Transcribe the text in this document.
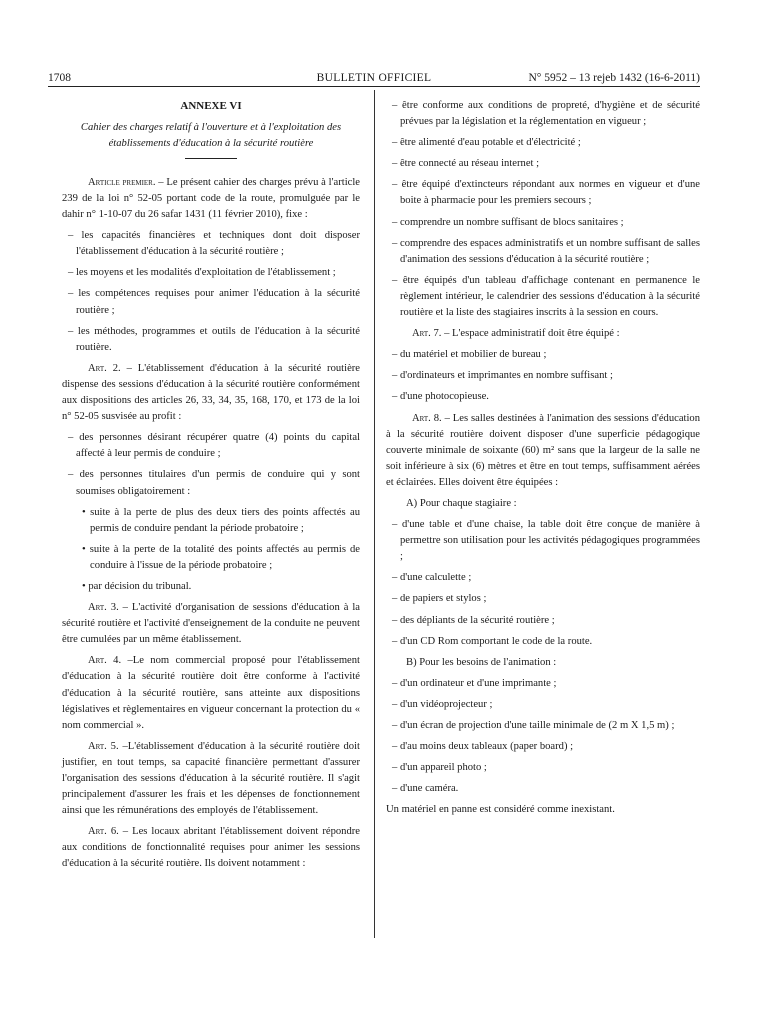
1708	BULLETIN OFFICIEL	N° 5952 – 13 rejeb 1432 (16-6-2011)

ANNEXE VI

Cahier des charges relatif à l'ouverture et à l'exploitation des établissements d'éducation à la sécurité routière

Article premier. – Le présent cahier des charges prévu à l'article 239 de la loi n° 52-05 portant code de la route, promulguée par le dahir n° 1-10-07 du 26 safar 1431 (11 février 2010), fixe :

– les capacités financières et techniques dont doit disposer l'établissement d'éducation à la sécurité routière ;

– les moyens et les modalités d'exploitation de l'établissement ;

– les compétences requises pour animer l'éducation à la sécurité routière ;

– les méthodes, programmes et outils de l'éducation à la sécurité routière.

Art. 2. – L'établissement d'éducation à la sécurité routière dispense des sessions d'éducation à la sécurité routière conformément aux dispositions des articles 26, 33, 34, 35, 168, 170, et 173 de la loi n° 52-05 susvisée au profit :

– des personnes désirant récupérer quatre (4) points du capital affecté à leur permis de conduire ;

– des personnes titulaires d'un permis de conduire qui y sont soumises obligatoirement :

• suite à la perte de plus des deux tiers des points affectés au permis de conduire pendant la période probatoire ;

• suite à la perte de la totalité des points affectés au permis de conduire à l'issue de la période probatoire ;

• par décision du tribunal.

Art. 3. – L'activité d'organisation de sessions d'éducation à la sécurité routière et l'activité d'enseignement de la conduite ne peuvent être cumulées par un même établissement.

Art. 4. –Le nom commercial proposé pour l'établissement d'éducation à la sécurité routière doit être conforme à l'activité d'éducation à la sécurité routière, sans atteinte aux dispositions législatives et règlementaires en vigueur concernant la protection du « nom commercial ».

Art. 5. –L'établissement d'éducation à la sécurité routière doit justifier, en tout temps, sa capacité financière permettant d'assurer l'organisation des sessions d'éducation à la sécurité routière. Il s'agit principalement d'assurer les frais et les dépenses de fonctionnement ainsi que les rémunérations des employés de l'établissement.

Art. 6. – Les locaux abritant l'établissement doivent répondre aux conditions de fonctionnalité requises pour animer les sessions d'éducation à la sécurité routière. Ils doivent notamment :

– être conforme aux conditions de propreté, d'hygiène et de sécurité prévues par la législation et la réglementation en vigueur ;

– être alimenté d'eau potable et d'électricité ;

– être connecté au réseau internet ;

– être équipé d'extincteurs répondant aux normes en vigueur et d'une boite à pharmacie pour les premiers secours ;

– comprendre un nombre suffisant de blocs sanitaires ;

– comprendre des espaces administratifs et un nombre suffisant de salles d'animation des sessions d'éducation à la sécurité routière ;

– être équipés d'un tableau d'affichage contenant en permanence le règlement intérieur, le calendrier des sessions d'éducation à la sécurité routière et la liste des stagiaires inscrits à la session en cours.

Art. 7. – L'espace administratif doit être équipé :

– du matériel et mobilier de bureau ;

– d'ordinateurs et imprimantes en nombre suffisant ;

– d'une photocopieuse.

Art. 8. – Les salles destinées à l'animation des sessions d'éducation à la sécurité routière doivent disposer d'une superficie pédagogique couverte minimale de soixante (60) m² sans que la largeur de la salle ne soit inférieure à six (6) mètres et être en tout temps, suffisamment aérées et éclairées. Elles doivent être équipées :

A) Pour chaque stagiaire :

– d'une table et d'une chaise, la table doit être conçue de manière à permettre son utilisation pour les activités pédagogiques programmées ;

– d'une calculette ;

– de papiers et stylos ;

– des dépliants de la sécurité routière ;

– d'un CD Rom comportant le code de la route.

B) Pour les besoins de l'animation :

– d'un ordinateur et d'une imprimante ;

– d'un vidéoprojecteur ;

– d'un écran de projection d'une taille minimale de (2 m X 1,5 m) ;

– d'au moins deux tableaux (paper board) ;

– d'un appareil photo ;

– d'une caméra.

Un matériel en panne est considéré comme inexistant.
